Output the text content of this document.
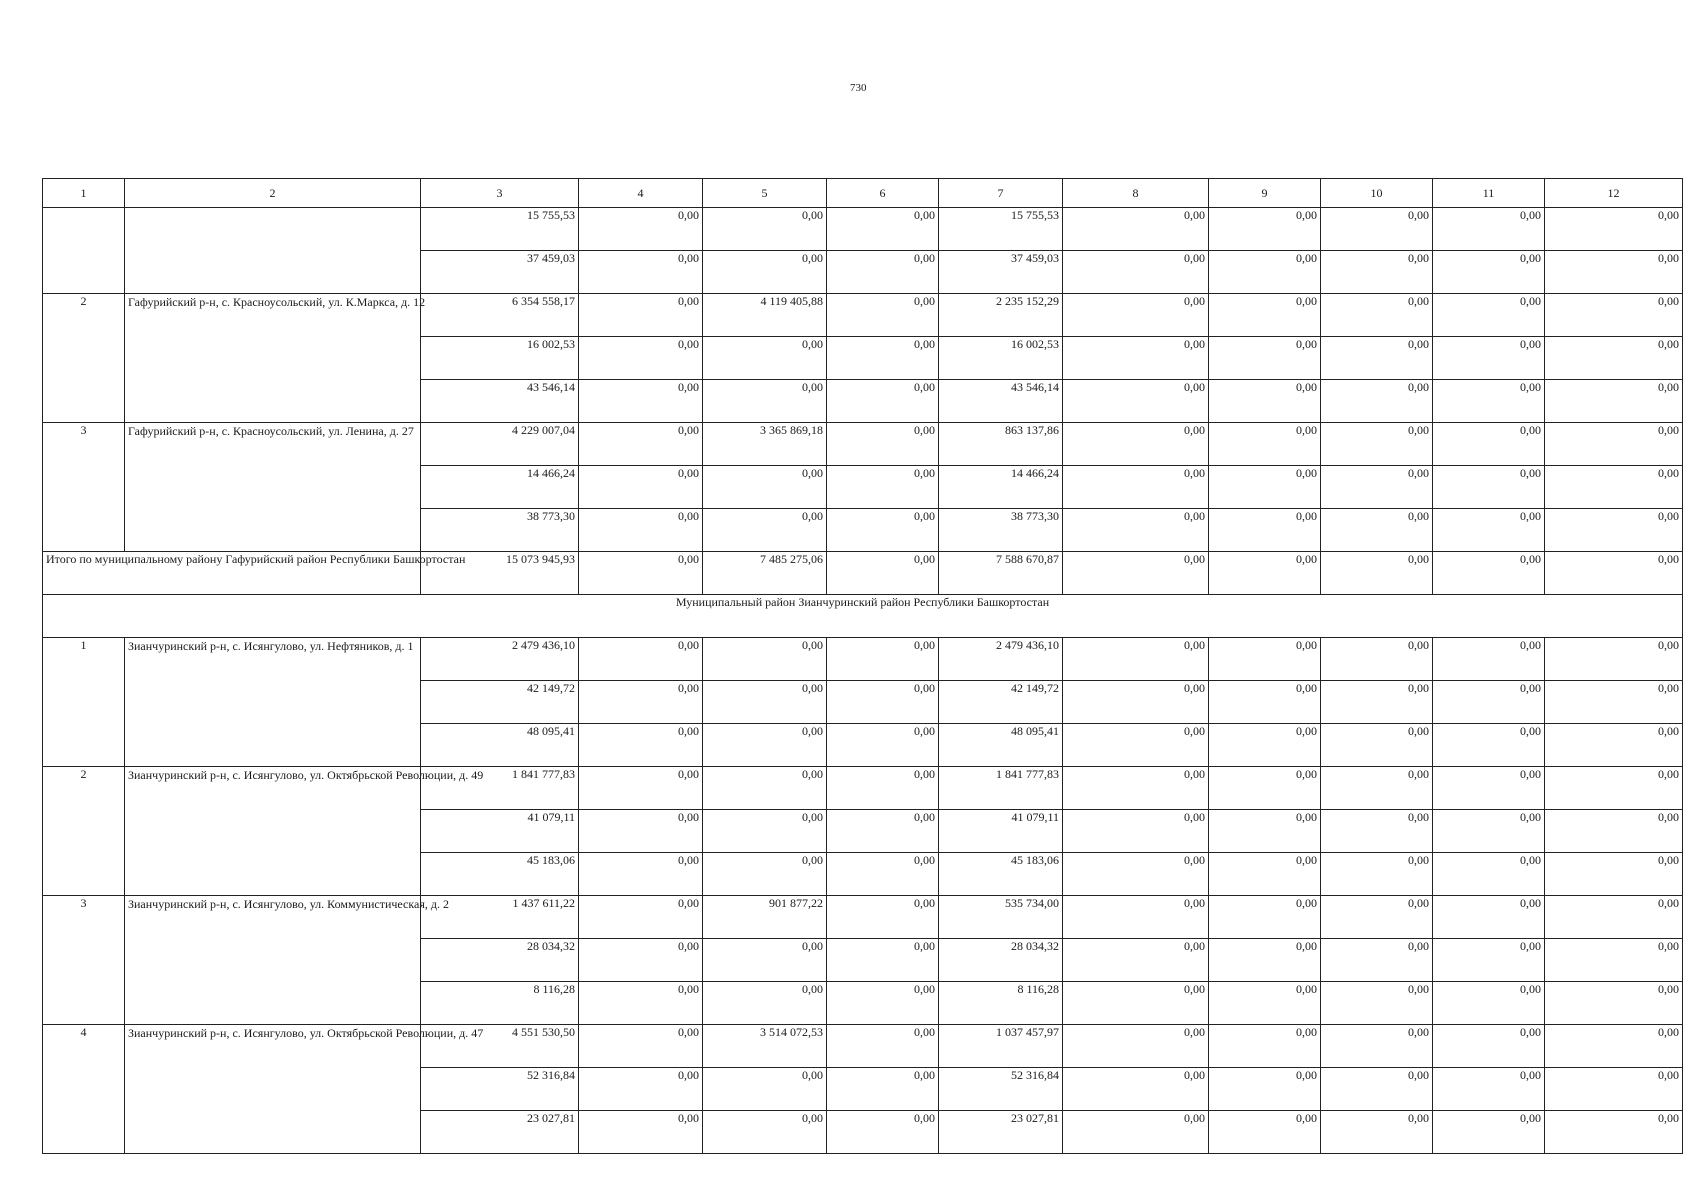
730
1	2	3	4	5	6	7	8	9	10	11	12
		15 755,53	0,00	0,00	0,00	15 755,53	0,00	0,00	0,00	0,00	0,00
		37 459,03	0,00	0,00	0,00	37 459,03	0,00	0,00	0,00	0,00	0,00
2	Гафурийский р-н, с. Красноусольский, ул. К.Маркса, д. 12	6 354 558,17	0,00	4 119 405,88	0,00	2 235 152,29	0,00	0,00	0,00	0,00	0,00
		16 002,53	0,00	0,00	0,00	16 002,53	0,00	0,00	0,00	0,00	0,00
		43 546,14	0,00	0,00	0,00	43 546,14	0,00	0,00	0,00	0,00	0,00
3	Гафурийский р-н, с. Красноусольский, ул. Ленина, д. 27	4 229 007,04	0,00	3 365 869,18	0,00	863 137,86	0,00	0,00	0,00	0,00	0,00
		14 466,24	0,00	0,00	0,00	14 466,24	0,00	0,00	0,00	0,00	0,00
		38 773,30	0,00	0,00	0,00	38 773,30	0,00	0,00	0,00	0,00	0,00
Итого по муниципальному району Гафурийский район Республики Башкортостан		15 073 945,93	0,00	7 485 275,06	0,00	7 588 670,87	0,00	0,00	0,00	0,00	0,00
Муниципальный район Зианчуринский район Республики Башкортостан											
1	Зианчуринский р-н, с. Исянгулово, ул. Нефтяников, д. 1	2 479 436,10	0,00	0,00	0,00	2 479 436,10	0,00	0,00	0,00	0,00	0,00
		42 149,72	0,00	0,00	0,00	42 149,72	0,00	0,00	0,00	0,00	0,00
		48 095,41	0,00	0,00	0,00	48 095,41	0,00	0,00	0,00	0,00	0,00
2	Зианчуринский р-н, с. Исянгулово, ул. Октябрьской Революции, д. 49	1 841 777,83	0,00	0,00	0,00	1 841 777,83	0,00	0,00	0,00	0,00	0,00
		41 079,11	0,00	0,00	0,00	41 079,11	0,00	0,00	0,00	0,00	0,00
		45 183,06	0,00	0,00	0,00	45 183,06	0,00	0,00	0,00	0,00	0,00
3	Зианчуринский р-н, с. Исянгулово, ул. Коммунистическая, д. 2	1 437 611,22	0,00	901 877,22	0,00	535 734,00	0,00	0,00	0,00	0,00	0,00
		28 034,32	0,00	0,00	0,00	28 034,32	0,00	0,00	0,00	0,00	0,00
		8 116,28	0,00	0,00	0,00	8 116,28	0,00	0,00	0,00	0,00	0,00
4	Зианчуринский р-н, с. Исянгулово, ул. Октябрьской Революции, д. 47	4 551 530,50	0,00	3 514 072,53	0,00	1 037 457,97	0,00	0,00	0,00	0,00	0,00
		52 316,84	0,00	0,00	0,00	52 316,84	0,00	0,00	0,00	0,00	0,00
		23 027,81	0,00	0,00	0,00	23 027,81	0,00	0,00	0,00	0,00	0,00
